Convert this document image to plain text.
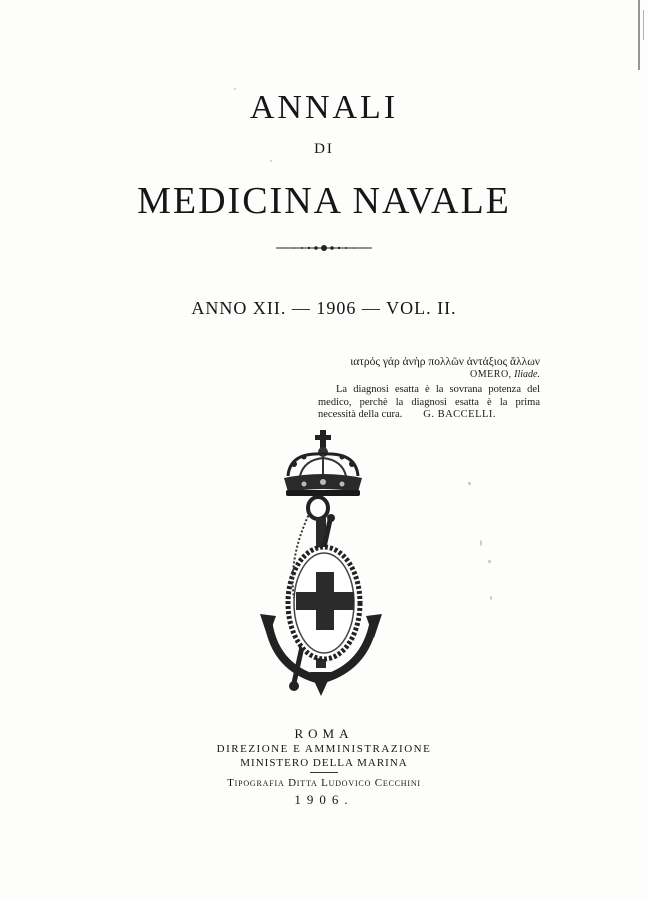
ANNALI
DI
MEDICINA NAVALE
ANNO XII. — 1906 — VOL. II.
ιατρός γάρ ἀνὴρ πολλῶν ἀντάξιος ἄλλων
OMERO, Iliade.
La diagnosi esatta è la sovrana potenza del medico, perchè la diagnosi esatta è la prima necessità della cura. G. BACCELLI.
ROMA
DIREZIONE E AMMINISTRAZIONE
MINISTERO DELLA MARINA
Tipografia Ditta Ludovico Cecchini
1906.
